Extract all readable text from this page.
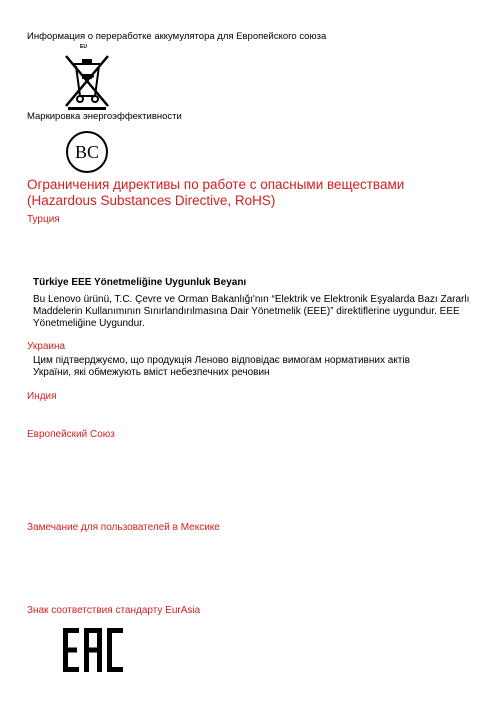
Информация о переработке аккумулятора для Европейского союза
EU
Маркировка энергоэффективности
BC
Ограничения директивы по работе с опасными веществами (Hazardous Substances Directive, RoHS)
Турция
Türkiye EEE Yönetmeliğine Uygunluk Beyanı
Bu Lenovo ürünü, T.C. Çevre ve Orman Bakanlığı'nın “Elektrik ve Elektronik Eşyalarda Bazı Zararlı Maddelerin Kullanımının Sınırlandırılmasına Dair Yönetmelik (EEE)” direktiflerine uygundur. EEE Yönetmeliğine Uygundur.
Украина
Цим підтверджуємо, що продукція Леново відповідає вимогам нормативних актів України, які обмежують вміст небезпечних речовин
Индия
Европейский Союз
Замечание для пользователей в Мексике
Знак соответствия стандарту EurAsia
